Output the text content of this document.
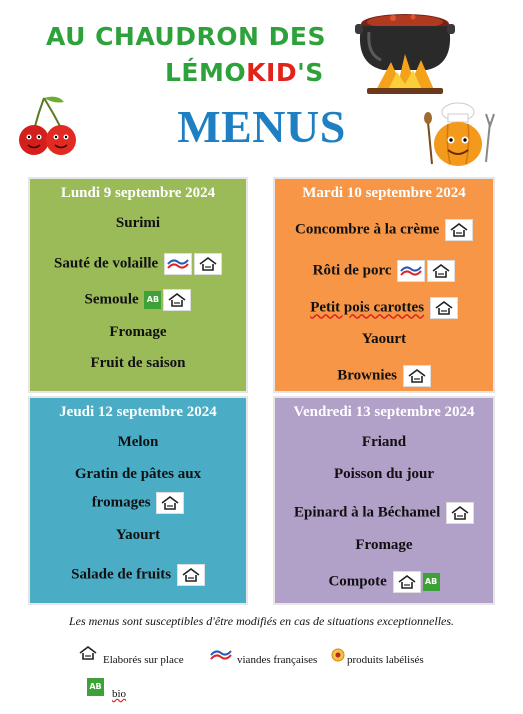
AU CHAUDRON DES
LÉMOKID'S
MENUS
Lundi 9 septembre 2024
Surimi
Sauté de volaille
Semoule AB
Fromage
Fruit de saison
Mardi 10 septembre 2024
Concombre à la crème
Rôti de porc
Petit pois carottes
Yaourt
Brownies
Jeudi 12 septembre 2024
Melon
Gratin de pâtes aux
fromages
Yaourt
Salade de fruits
Vendredi 13 septembre 2024
Friand
Poisson du jour
Epinard à la Béchamel
Fromage
Compote	AB
Les menus sont susceptibles d'être modifiés en cas de situations exceptionnelles.
Elaborés sur place	viandes françaises	produits labélisés
AB
bio
